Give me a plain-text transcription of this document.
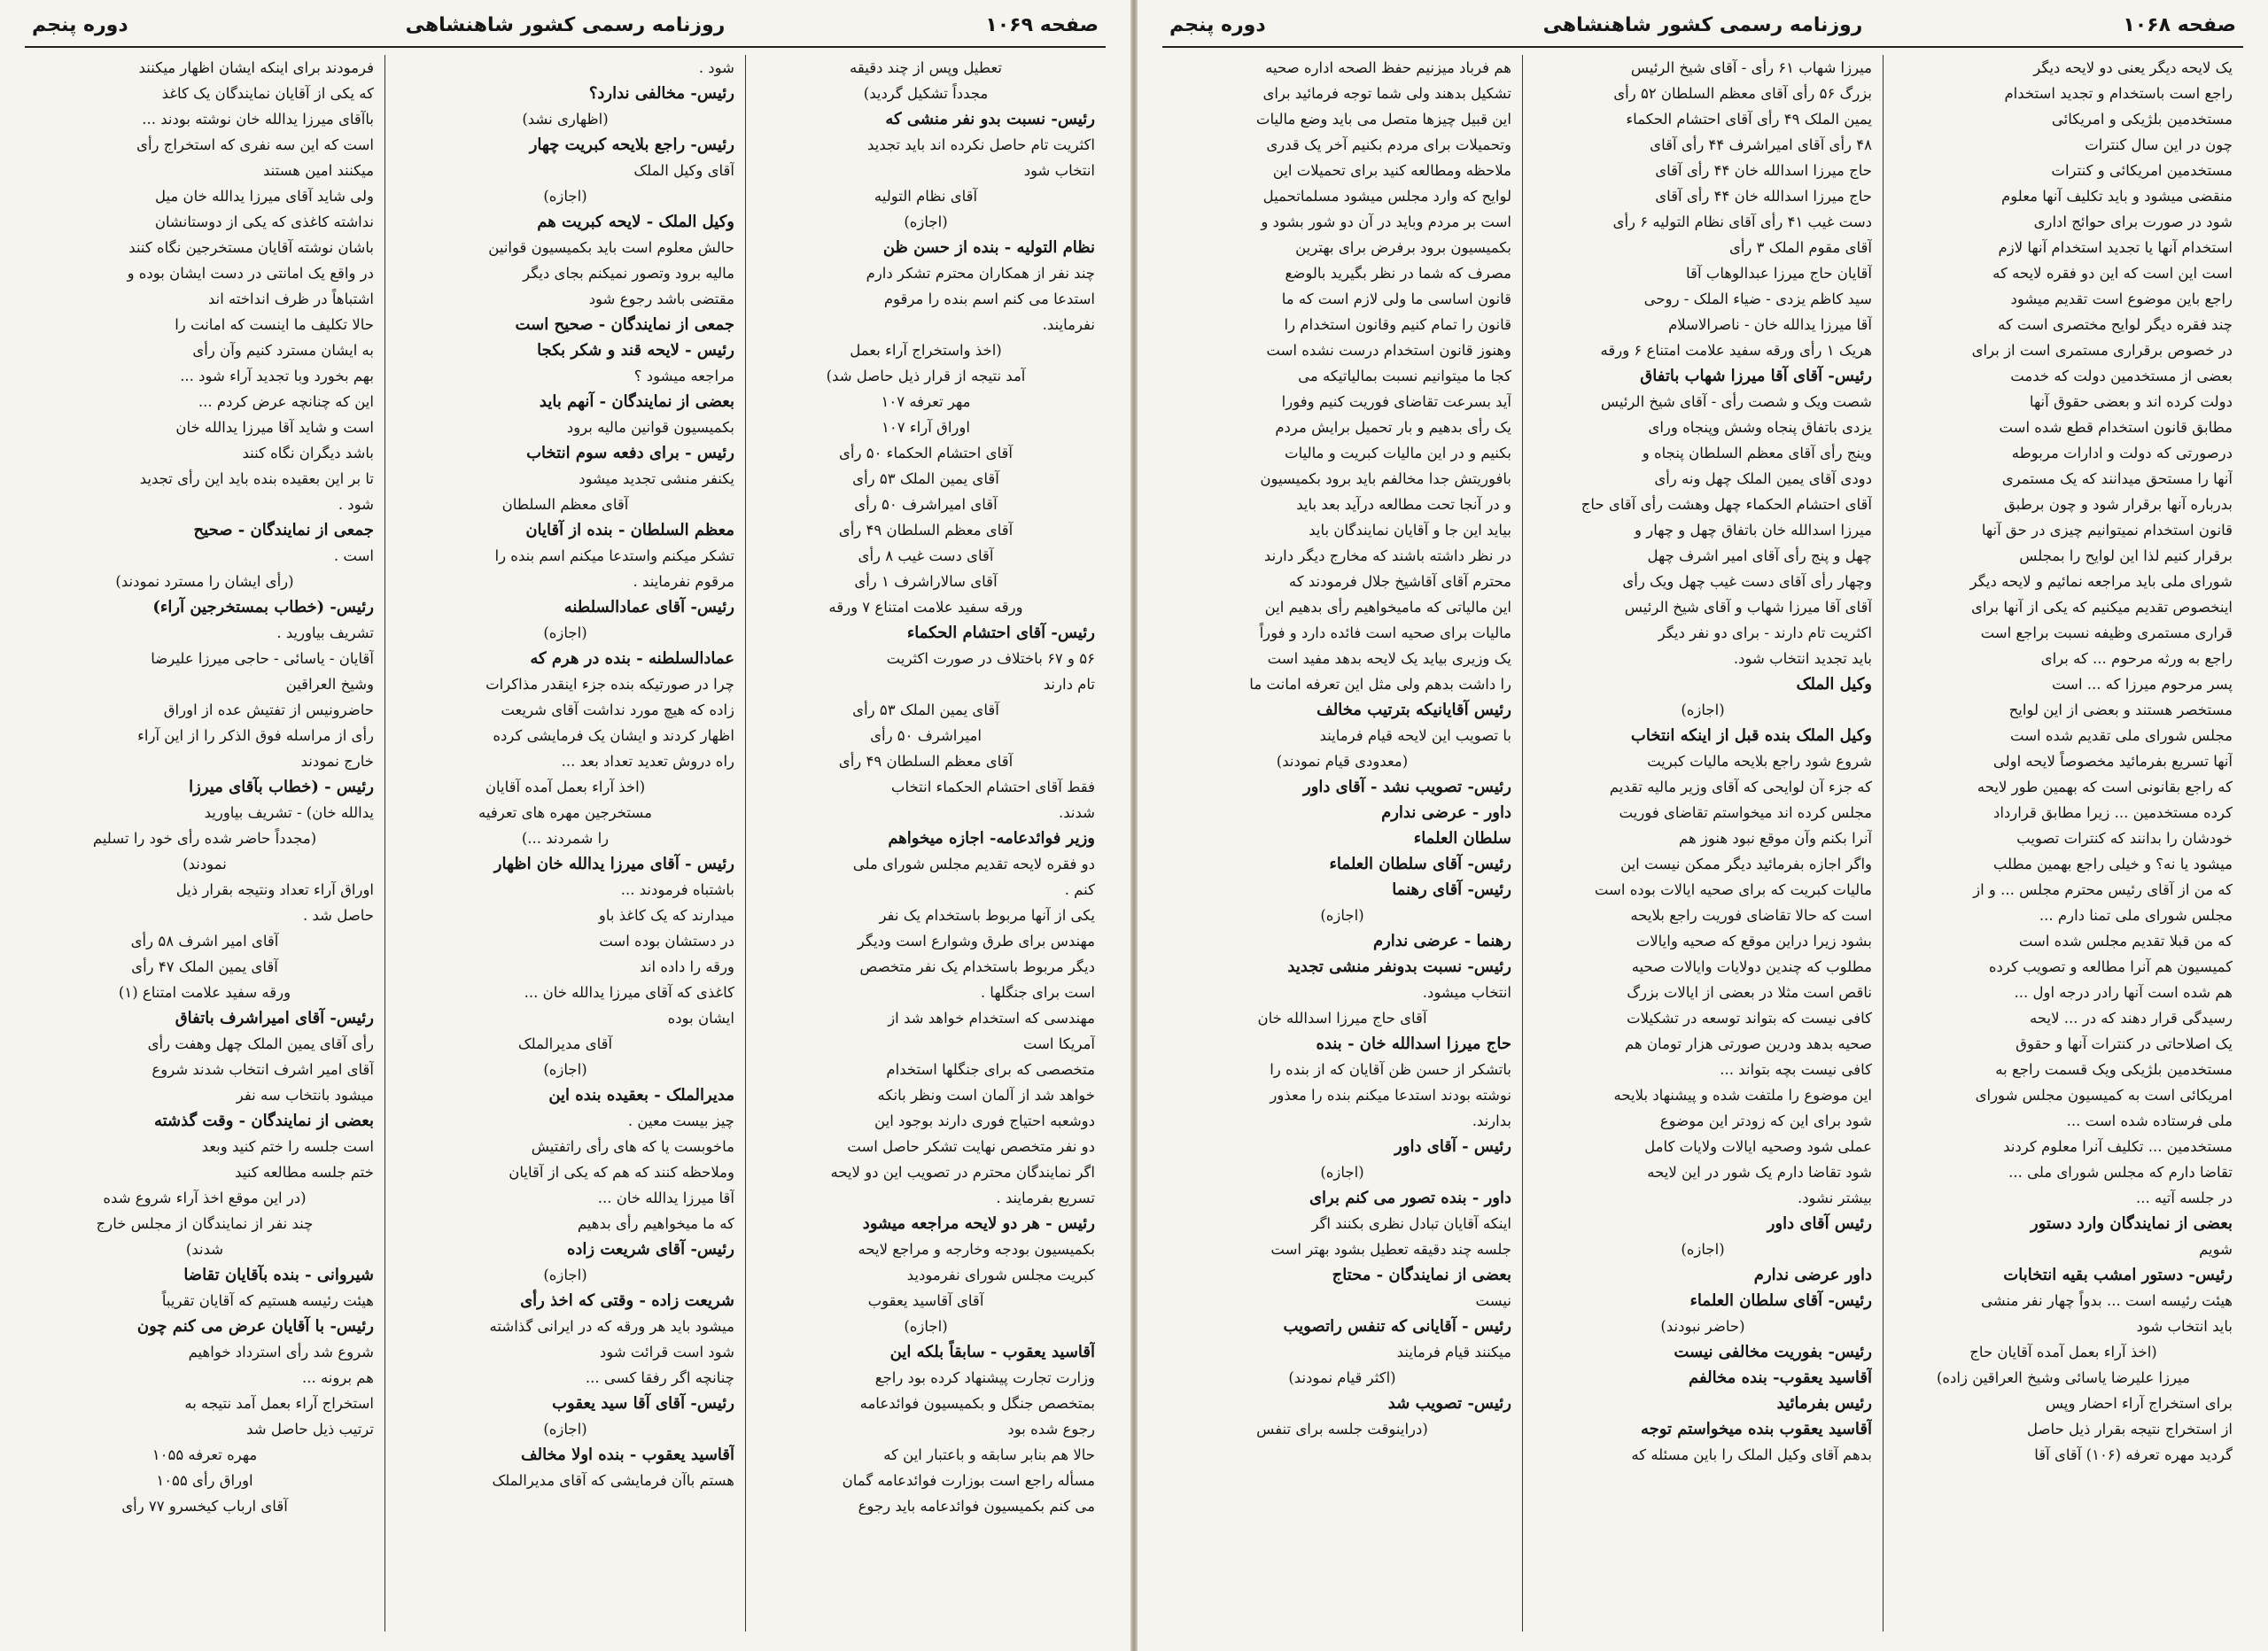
صفحه ۱۰۶۸
روزنامه رسمی کشور شاهنشاهی
دوره پنجم
یک لایحه دیگر یعنی دو لایحه دیگر
راجع است باستخدام و تجدید استخدام
مستخدمین بلژیکی و امریکائی
چون در این سال کنترات
مستخدمین امریکائی و کنترات
منقضی میشود و باید تکلیف آنها معلوم
شود در صورت برای حوائج اداری
استخدام آنها یا تجدید استخدام آنها لازم
است این است که این دو فقره لایحه که
راجع باین موضوع است تقدیم میشود
چند فقره دیگر لوایح مختصری است که
در خصوص برقراری مستمری است از برای
بعضی از مستخدمین دولت که خدمت
دولت کرده اند و بعضی حقوق آنها
مطابق قانون استخدام قطع شده است
درصورتی که دولت و ادارات مربوطه
آنها را مستحق میدانند که یک مستمری
بدرباره آنها برقرار شود و چون برطبق
قانون استخدام نمیتوانیم چیزی در حق آنها
برقرار کنیم لذا این لوایح را بمجلس
شورای ملی باید مراجعه نمائیم و لایحه دیگر
اینخصوص تقدیم میکنیم که یکی از آنها برای
قراری مستمری وظیفه نسبت براجع است
راجع به ورثه مرحوم ... که برای
پسر مرحوم میرزا که ... است
مستخصر هستند و بعضی از این لوایح
مجلس شورای ملی تقدیم شده است
آنها تسریع بفرمائید مخصوصاً لایحه اولی
که راجع بقانونی است که بهمین طور لایحه
کرده مستخدمین ... زیرا مطابق قرارداد
خودشان را بدانند که کنترات تصویب
میشود یا نه؟ و خیلی راجع بهمین مطلب
که من از آقای رئیس محترم مجلس ... و از
مجلس شورای ملی تمنا دارم ...
که من قبلا تقدیم مجلس شده است
کمیسیون هم آنرا مطالعه و تصویب کرده
هم شده است آنها رادر درجه اول ...
رسیدگی قرار دهند که در ... لایحه
یک اصلاحاتی در کنترات آنها و حقوق
مستخدمین بلژیکی ویک قسمت راجع به
امریکائی است به کمیسیون مجلس شورای
ملی فرستاده شده است ...
مستخدمین ... تکلیف آنرا معلوم کردند
تقاضا دارم که مجلس شورای ملی ...
در جلسه آتیه ...
بعضی از نمایندگان وارد دستور
شویم
رئیس- دستور امشب بقیه انتخابات
هیئت رئیسه است ... بدواً چهار نفر منشی
باید انتخاب شود
(اخذ آراء بعمل آمده آقایان حاج
میرزا علیرضا یاسائی وشیخ العراقین زاده)
برای استخراج آراء احضار وپس
از استخراج نتیجه بقرار ذیل حاصل
گردید مهره تعرفه (۱۰۶) آقای آقا
میرزا شهاب ۶۱ رأی - آقای شیخ الرئیس
بزرگ ۵۶ رأی آقای معظم السلطان ۵۲ رأی
یمین الملک ۴۹ رأی آقای احتشام الحکماء
۴۸ رأی آقای امیراشرف ۴۴ رأی آقای
حاج میرزا اسدالله خان ۴۴ رأی آقای
حاج میرزا اسدالله خان ۴۴ رأی آقای
دست غیب ۴۱ رأی آقای نظام التولیه ۶ رأی
آقای مقوم الملک ۳ رأی
آقایان حاج میرزا عبدالوهاب آقا
سید کاظم یزدی - ضیاء الملک - روحی
آقا میرزا یدالله خان - ناصرالاسلام
هریک ۱ رأی ورقه سفید علامت امتناع ۶ ورقه
رئیس- آقای آقا میرزا شهاب باتفاق
شصت ویک و شصت رأی - آقای شیخ الرئیس
یزدی باتفاق پنجاه وشش وپنجاه ورای
وینج رأی آقای معظم السلطان پنجاه و
دودی آقای یمین الملک چهل ونه رأی
آقای احتشام الحکماء چهل وهشت رأی آقای حاج
میرزا اسدالله خان باتفاق چهل و چهار و
چهل و پنج رأی آقای امیر اشرف چهل
وچهار رأی آقای دست غیب چهل ویک رأی
آقای آقا میرزا شهاب و آقای شیخ الرئیس
اکثریت تام دارند - برای دو نفر دیگر
باید تجدید انتخاب شود.
وکیل الملک
(اجازه)
وکیل الملک بنده قبل از اینکه انتخاب
شروع شود راجع بلایحه مالیات کبریت
که جزء آن لوایحی که آقای وزیر مالیه تقدیم
مجلس کرده اند میخواستم تقاضای فوریت
آنرا بکنم وآن موقع نبود هنوز هم
واگر اجازه بفرمائید دیگر ممکن نیست این
مالیات کبریت که برای صحیه ایالات بوده است
است که حالا تقاضای فوریت راجع بلایحه
بشود زیرا دراین موقع که صحیه وایالات
مطلوب که چندین دولایات وایالات صحیه
ناقص است مثلا در بعضی از ایالات بزرگ
کافی نیست که بتواند توسعه در تشکیلات
صحیه بدهد ودرین صورتی هزار تومان هم
کافی نیست بچه بتواند ...
این موضوع را ملتفت شده و پیشنهاد بلایحه
شود برای این که زودتر این موضوع
عملی شود وصحیه ایالات ولایات کامل
شود تقاضا دارم یک شور در این لایحه
بیشتر نشود.
رئیس آقای داور
(اجازه)
داور عرضی ندارم
رئیس- آقای سلطان العلماء
(حاضر نبودند)
رئیس- بفوریت مخالفی نیست
آقاسید یعقوب- بنده مخالفم
رئیس بفرمائید
آقاسید یعقوب بنده میخواستم توجه
بدهم آقای وکیل الملک را باین مسئله که
هم فرباد میزنیم حفظ الصحه اداره صحیه
تشکیل بدهند ولی شما توجه فرمائید برای
این قبیل چیزها متصل می باید وضع مالیات
وتحمیلات برای مردم بکنیم آخر یک قدری
ملاحظه ومطالعه کنید برای تحمیلات این
لوایح که وارد مجلس میشود مسلماتحمیل
است بر مردم وباید در آن دو شور بشود و
بکمیسیون برود برفرض برای بهترین
مصرف که شما در نظر بگیرید بالوضع
قانون اساسی ما ولی لازم است که ما
قانون را تمام کنیم وقانون استخدام را
وهنوز قانون استخدام درست نشده است
کجا ما میتوانیم نسبت بمالیاتیکه می
آید بسرعت تقاضای فوریت کنیم وفورا
یک رأی بدهیم و بار تحمیل برایش مردم
بکنیم و در این مالیات کبریت و مالیات
بافوریتش جدا مخالفم باید برود بکمیسیون
و در آنجا تحت مطالعه درآید بعد باید
بیاید این جا و آقایان نمایندگان باید
در نظر داشته باشند که مخارج دیگر دارند
محترم آقای آقاشیخ جلال فرمودند که
این مالیاتی که مامیخواهیم رأی بدهیم این
مالیات برای صحیه است فائده دارد و فوراً
یک وزیری بیاید یک لایحه بدهد مفید است
را داشت بدهم ولی مثل این تعرفه امانت ما
رئیس آقایانیکه بترتیب مخالف
با تصویب این لایحه قیام فرمایند
(معدودی قیام نمودند)
رئیس- تصویب نشد - آقای داور
داور - عرضی ندارم
سلطان العلماء
رئیس- آقای سلطان العلماء
رئیس- آقای رهنما
(اجازه)
رهنما - عرضی ندارم
رئیس- نسبت بدونفر منشی تجدید
انتخاب میشود.
آقای حاج میرزا اسدالله خان
حاج میرزا اسدالله خان - بنده
باتشکر از حسن ظن آقایان که از بنده را
نوشته بودند استدعا میکنم بنده را معذور
بدارند.
رئیس - آقای داور
(اجازه)
داور - بنده تصور می کنم برای
اینکه آقایان تبادل نظری بکنند اگر
جلسه چند دقیقه تعطیل بشود بهتر است
بعضی از نمایندگان - محتاج
نیست
رئیس - آقایانی که تنفس راتصویب
میکنند قیام فرمایند
(اکثر قیام نمودند)
رئیس- تصویب شد
(دراینوقت جلسه برای تنفس
دوره پنجم	روزنامه رسمی کشور شاهنشاهی	صفحه ۱۰۶۹
تعطیل وپس از چند دقیقه
مجدداً تشکیل گردید)
رئیس- نسبت بدو نفر منشی که
اکثریت تام حاصل نکرده اند باید تجدید
انتخاب شود
آقای نظام التولیه
(اجازه)
نظام التولیه - بنده از حسن ظن
چند نفر از همکاران محترم تشکر دارم
استدعا می کنم اسم بنده را مرقوم
نفرمایند.
(اخذ واستخراج آراء بعمل
آمد نتیجه از قرار ذیل حاصل شد)
مهر تعرفه ۱۰۷
اوراق آراء ۱۰۷
آقای احتشام الحکماء ۵۰ رأی
آقای یمین الملک ۵۳ رأی
آقای امیراشرف ۵۰ رأی
آقای معظم السلطان ۴۹ رأی
آقای دست غیب ۸ رأی
آقای سالاراشرف ۱ رأی
ورقه سفید علامت امتناع ۷ ورقه
رئیس- آقای احتشام الحکماء
۵۶ و ۶۷ باختلاف در صورت اکثریت
تام دارند
آقای یمین الملک ۵۳ رأی
امیراشرف ۵۰ رأی
آقای معظم السلطان ۴۹ رأی
فقط آقای احتشام الحکماء انتخاب
شدند.
وزیر فوائدعامه- اجازه میخواهم
دو فقره لایحه تقدیم مجلس شورای ملی
کنم .
یکی از آنها مربوط باستخدام یک نفر
مهندس برای طرق وشوارع است ودیگر
دیگر مربوط باستخدام یک نفر متخصص
است برای جنگلها .
مهندسی که استخدام خواهد شد از
آمریکا است
متخصصی که برای جنگلها استخدام
خواهد شد از آلمان است ونظر بانکه
دوشعبه احتیاج فوری دارند بوجود این
دو نفر متخصص نهایت تشکر حاصل است
اگر نمایندگان محترم در تصویب این دو لایحه
تسریع بفرمایند .
رئیس - هر دو لایحه مراجعه میشود
بکمیسیون بودجه وخارجه و مراجع لایحه
کبریت مجلس شورای نفرمودید
آقای آقاسید یعقوب
(اجازه)
آقاسید یعقوب - سابقاً بلکه این
وزارت تجارت پیشنهاد کرده بود راجع
بمتخصص جنگل و بکمیسیون فوائدعامه
رجوع شده بود
حالا هم بنابر سابقه و باعتبار این که
مسأله راجع است بوزارت فوائدعامه گمان
می کنم بکمیسیون فوائدعامه باید رجوع
شود .
رئیس- مخالفی ندارد؟
(اظهاری نشد)
رئیس- راجع بلایحه کبریت چهار
آقای وکیل الملک
(اجازه)
وکیل الملک - لایحه کبریت هم
حالش معلوم است باید بکمیسیون قوانین
مالیه برود وتصور نمیکنم بجای دیگر
مقتضی باشد رجوع شود
جمعی از نمایندگان - صحیح است
رئیس - لایحه قند و شکر بکجا
مراجعه میشود ؟
بعضی از نمایندگان - آنهم باید
بکمیسیون قوانین مالیه برود
رئیس - برای دفعه سوم انتخاب
یکنفر منشی تجدید میشود
آقای معظم السلطان
معظم السلطان - بنده از آقایان
تشکر میکنم واستدعا میکنم اسم بنده را
مرقوم نفرمایند .
رئیس- آقای عمادالسلطنه
(اجازه)
عمادالسلطنه - بنده در هرم که
چرا در صورتیکه بنده جزء اینقدر مذاکرات
زاده که هیچ مورد نداشت آقای شریعت
اظهار کردند و ایشان یک فرمایشی کرده
راه دروش تعدید تعداد بعد ...
(اخذ آراء بعمل آمده آقایان
مستخرجین مهره های تعرفیه
را شمردند ...)
رئیس - آقای میرزا یدالله خان اظهار
باشتباه فرمودند ...
میدارند که یک کاغذ باو
در دستشان بوده است
ورقه را داده اند
کاغذی که آقای میرزا یدالله خان ...
ایشان بوده
آقای مدیرالملک
(اجازه)
مدیرالملک - بعقیده بنده این
چیز بیست معین .
ماخوبست یا که های رأی راتفتیش
وملاحظه کنند که هم که یکی از آقایان
آقا میرزا یدالله خان ...
که ما میخواهیم رأی بدهیم
رئیس- آقای شریعت زاده
(اجازه)
شریعت زاده - وقتی که اخذ رأی
میشود باید هر ورقه که در ایرانی گذاشته
شود است قرائت شود
چنانچه اگر رفقا کسی ...
رئیس- آقای آقا سید یعقوب
(اجازه)
آقاسید یعقوب - بنده اولا مخالف
هستم باآن فرمایشی که آقای مدیرالملک
فرمودند برای اینکه ایشان اظهار میکنند
که یکی از آقایان نمایندگان یک کاغذ
باآقای میرزا یدالله خان نوشته بودند ...
است که این سه نفری که استخراج رأی
میکنند امین هستند
ولی شاید آقای میرزا یدالله خان میل
نداشته کاغذی که یکی از دوستانشان
باشان نوشته آقایان مستخرجین نگاه کنند
در واقع یک امانتی در دست ایشان بوده و
اشتباهاً در ظرف انداخته اند
حالا تکلیف ما اینست که امانت را
به ایشان مسترد کنیم وآن رأی
بهم بخورد وبا تجدید آراء شود ...
این که چنانچه عرض کردم ...
است و شاید آقا میرزا یدالله خان
باشد دیگران نگاه کنند
تا بر این بعقیده بنده باید این رأی تجدید
شود .
جمعی از نمایندگان - صحیح
است .
(رأی ایشان را مسترد نمودند)
رئیس- (خطاب بمستخرجین آراء)
تشریف بیاورید .
آقایان - یاسائی - حاجی میرزا علیرضا
وشیخ العراقین
حاضرونیس از تفتیش عده از اوراق
رأی از مراسله فوق الذکر را از این آراء
خارج نمودند
رئیس - (خطاب بآقای میرزا
یدالله خان) - تشریف بیاورید
(مجدداً حاضر شده رأی خود را تسلیم
نمودند)
اوراق آراء تعداد ونتیجه بقرار ذیل
حاصل شد .
آقای امیر اشرف ۵۸ رأی
آقای یمین الملک ۴۷ رأی
ورقه سفید علامت امتناع (۱)
رئیس- آقای امیراشرف باتفاق
رأی آقای یمین الملک چهل وهفت رأی
آقای امیر اشرف انتخاب شدند شروع
میشود بانتخاب سه نفر
بعضی از نمایندگان - وقت گذشته
است جلسه را ختم کنید وبعد
ختم جلسه مطالعه کنید
(در این موقع اخذ آراء شروع شده
چند نفر از نمایندگان از مجلس خارج
شدند)
شیروانی - بنده بآقایان تقاضا
هیئت رئیسه هستیم که آقایان تقریباً
رئیس- با آقایان عرض می کنم چون
شروع شد رأی استرداد خواهیم
هم برونه ...
استخراج آراء بعمل آمد نتیجه به
ترتیب ذیل حاصل شد
مهره تعرفه ۱۰۵۵
اوراق رأی ۱۰۵۵
آقای ارباب کیخسرو ۷۷ رأی
